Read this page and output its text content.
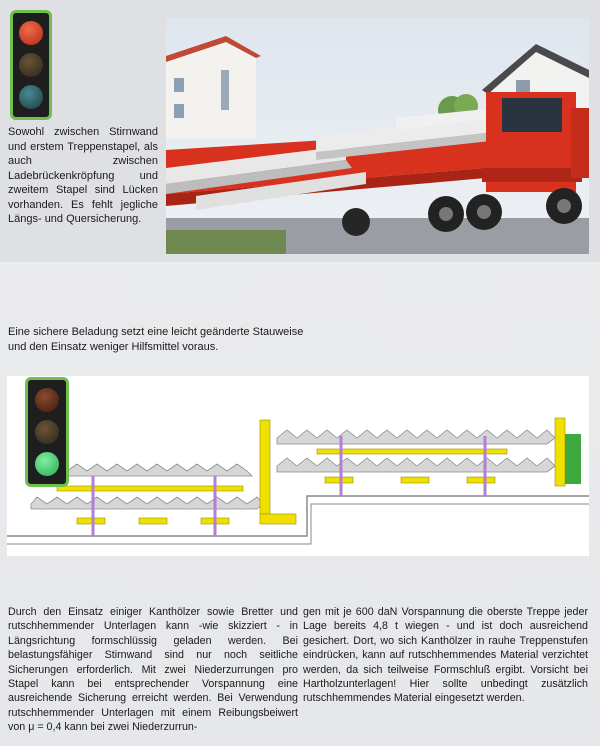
Sowohl zwischen Stirnwand und erstem Treppenstapel, als auch zwischen Ladebrückenkröpfung und zweitem Stapel sind Lücken vorhanden. Es fehlt jegliche Längs- und Quersicherung.
Eine sichere Beladung setzt eine leicht geänderte Stauweise und den Einsatz weniger Hilfsmittel voraus.
Durch den Einsatz einiger Kanthölzer sowie Bretter und rutschhemmender Unterlagen kann -wie skizziert - in Längsrichtung formschlüssig geladen werden. Bei belastungsfähiger Stirnwand sind nur noch seitliche Sicherungen erforderlich. Mit zwei Niederzurrungen pro Stapel kann bei entsprechender Vorspannung eine ausreichende Sicherung erreicht werden. Bei Verwendung rutschhemmender Unterlagen mit einem Reibungsbeiwert von μ = 0,4 kann bei zwei Niederzurrun-
gen mit je 600 daN Vorspannung die oberste Treppe jeder Lage bereits 4,8 t wiegen - und ist doch ausreichend gesichert. Dort, wo sich Kanthölzer in rauhe Treppenstufen eindrücken, kann auf rutschhemmendes Material verzichtet werden, da sich teilweise Formschluß ergibt. Vorsicht bei Hartholzunterlagen! Hier sollte unbedingt zusätzlich rutschhemmendes Material eingesetzt werden.
